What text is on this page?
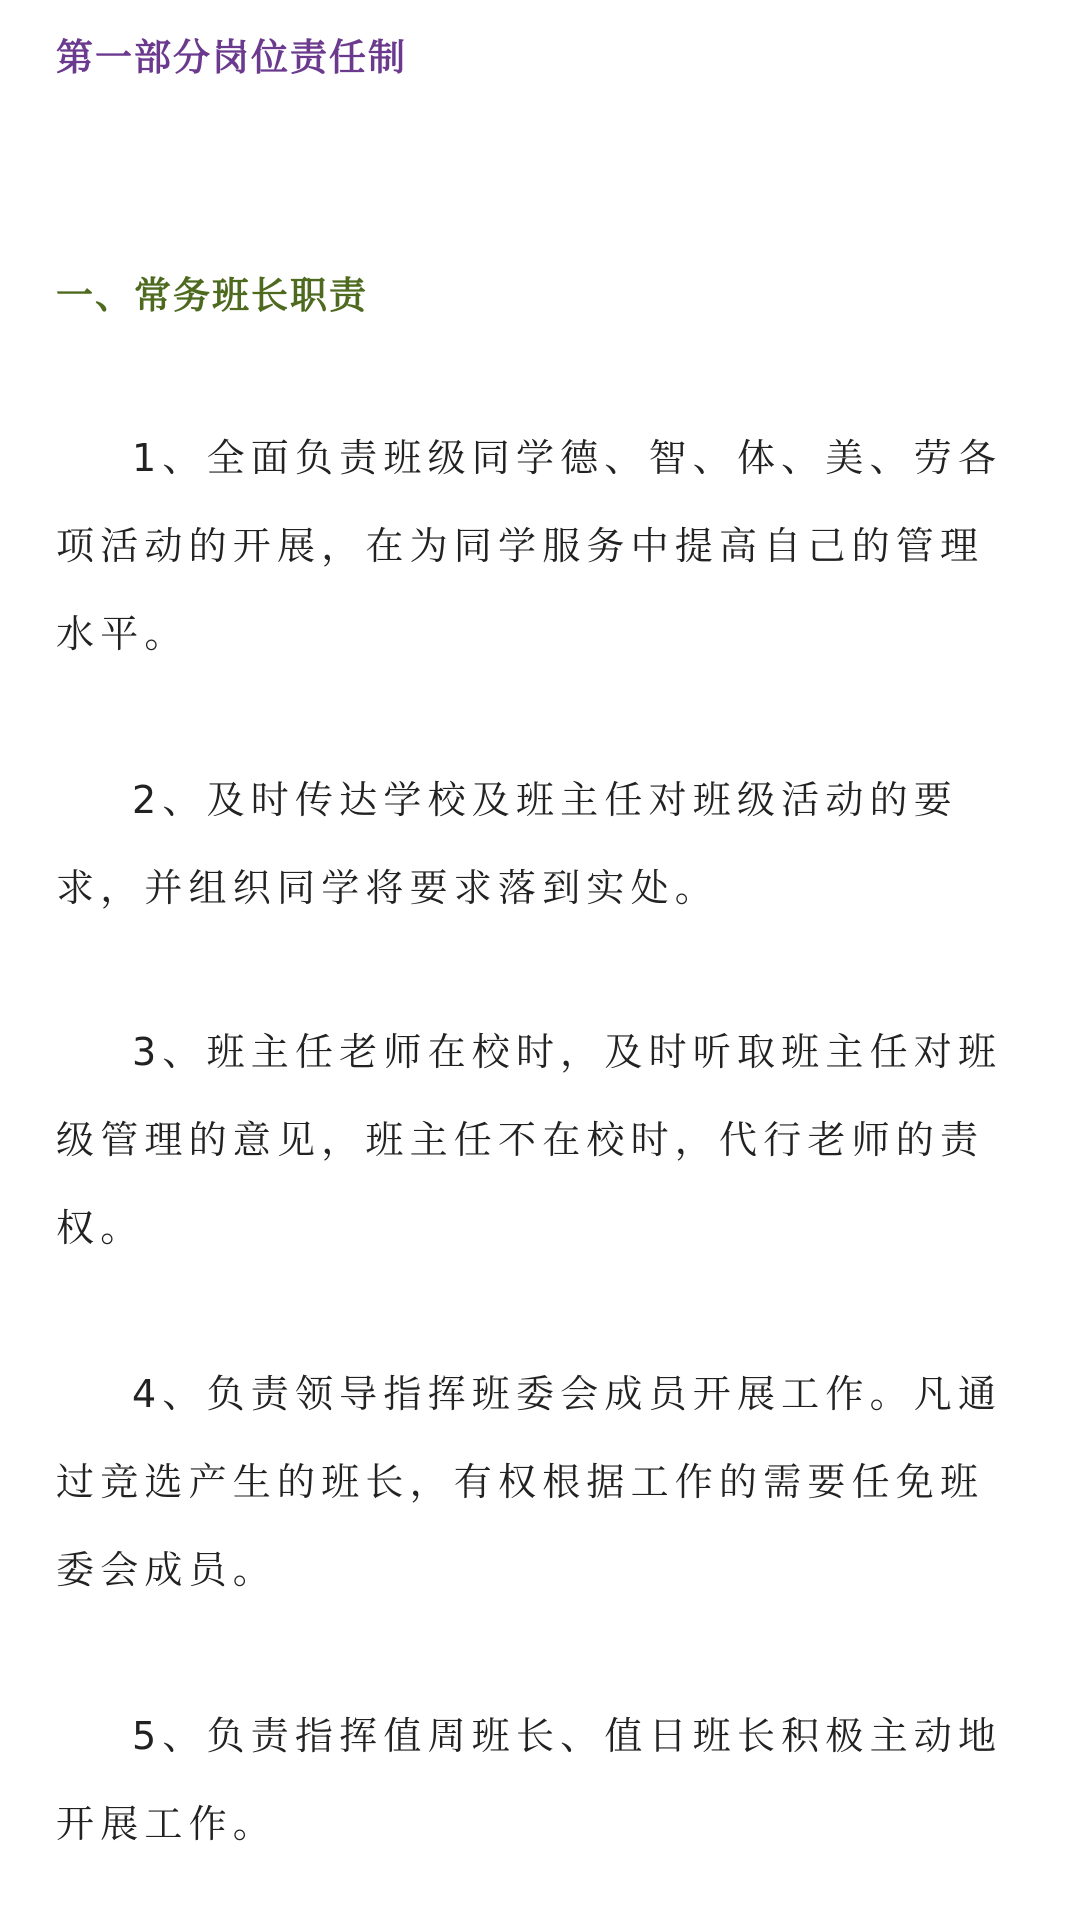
第一部分岗位责任制
一、常务班长职责

1、全面负责班级同学德、智、体、美、劳各项活动的开展，在为同学服务中提高自己的管理水平。

2、及时传达学校及班主任对班级活动的要求，并组织同学将要求落到实处。

3、班主任老师在校时，及时听取班主任对班级管理的意见，班主任不在校时，代行老师的责权。

4、负责领导指挥班委会成员开展工作。凡通过竞选产生的班长，有权根据工作的需要任免班委会成员。

5、负责指挥值周班长、值日班长积极主动地开展工作。
